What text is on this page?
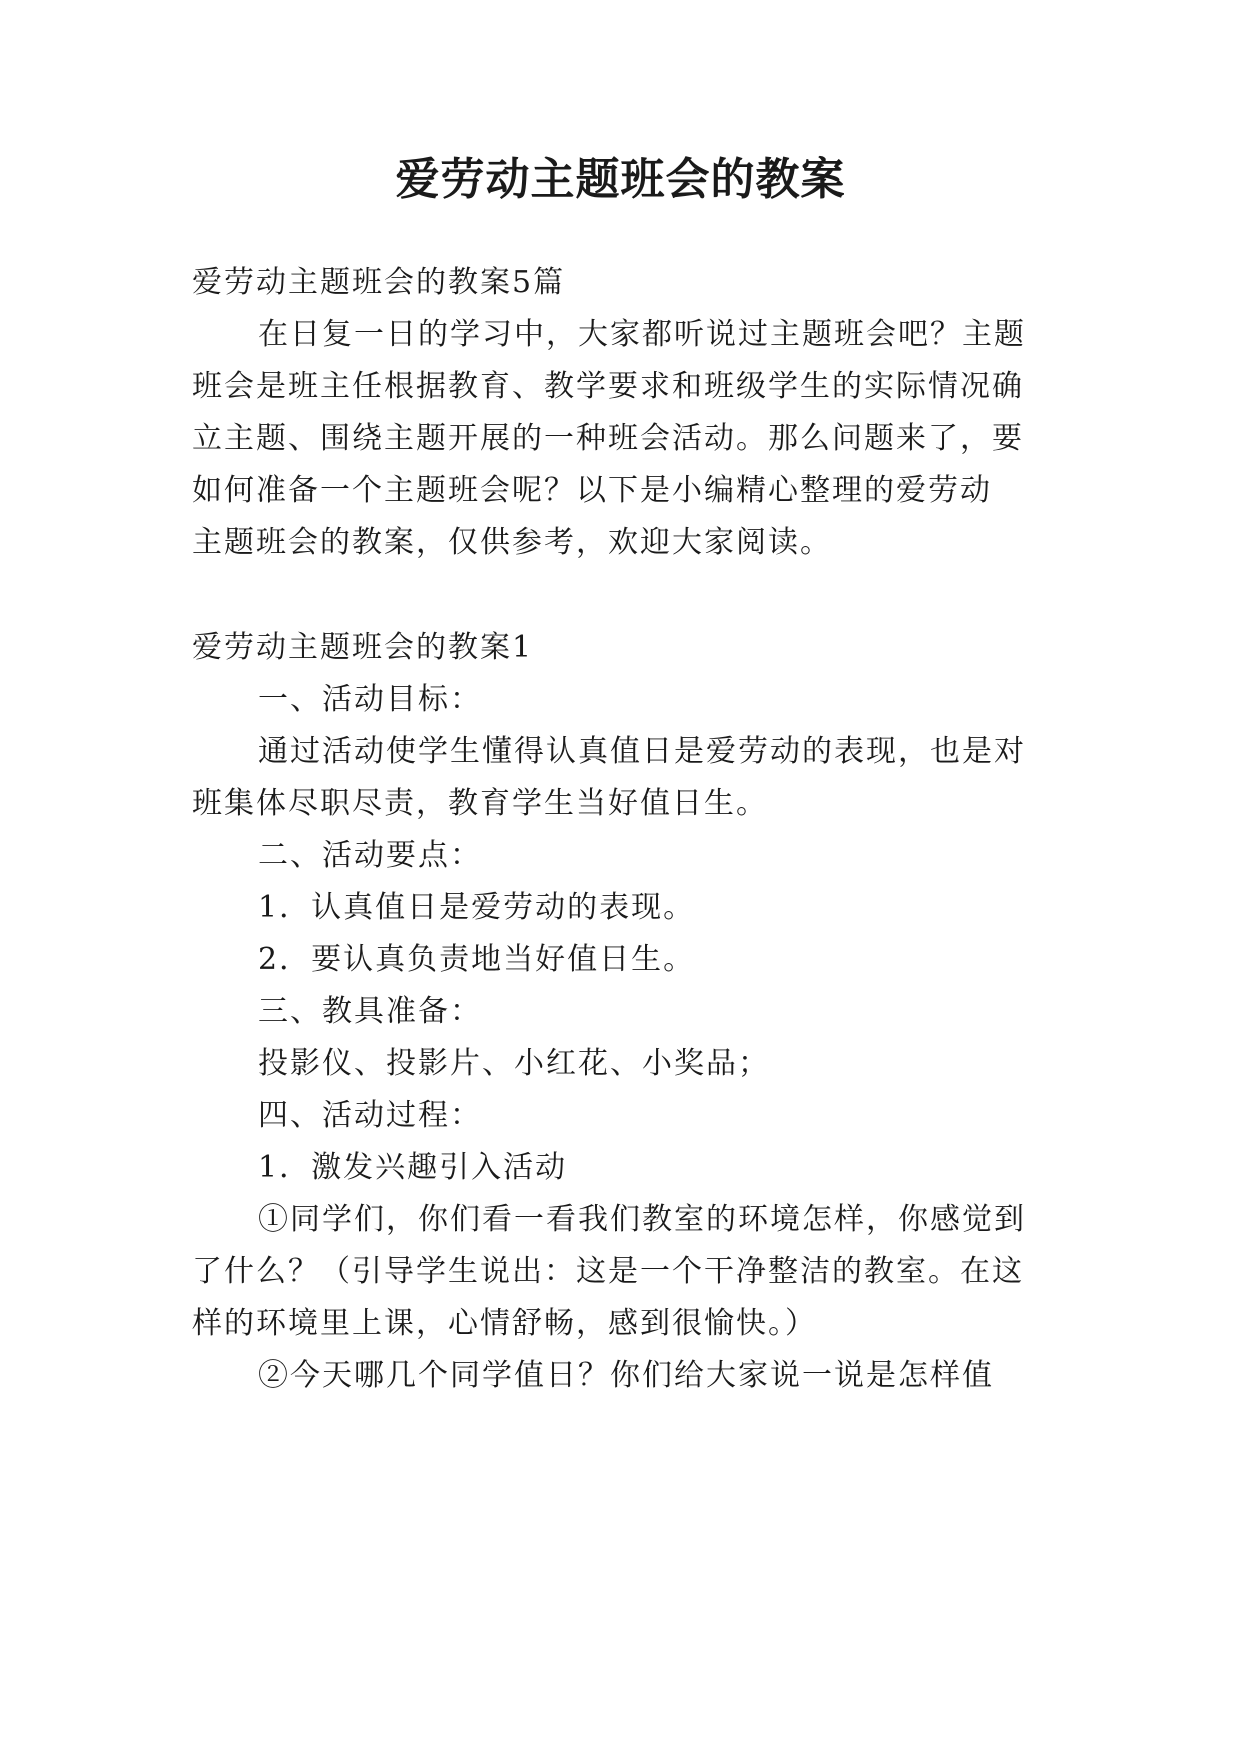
爱劳动主题班会的教案
爱劳动主题班会的教案5篇
在日复一日的学习中，大家都听说过主题班会吧？主题
班会是班主任根据教育、教学要求和班级学生的实际情况确
立主题、围绕主题开展的一种班会活动。那么问题来了，要
如何准备一个主题班会呢？以下是小编精心整理的爱劳动
主题班会的教案，仅供参考，欢迎大家阅读。
爱劳动主题班会的教案1
一、活动目标：
通过活动使学生懂得认真值日是爱劳动的表现，也是对
班集体尽职尽责，教育学生当好值日生。
二、活动要点：
1．认真值日是爱劳动的表现。
2．要认真负责地当好值日生。
三、教具准备：
投影仪、投影片、小红花、小奖品；
四、活动过程：
1．激发兴趣引入活动
①同学们，你们看一看我们教室的环境怎样，你感觉到
了什么？（引导学生说出：这是一个干净整洁的教室。在这
样的环境里上课，心情舒畅，感到很愉快。）
②今天哪几个同学值日？你们给大家说一说是怎样值
